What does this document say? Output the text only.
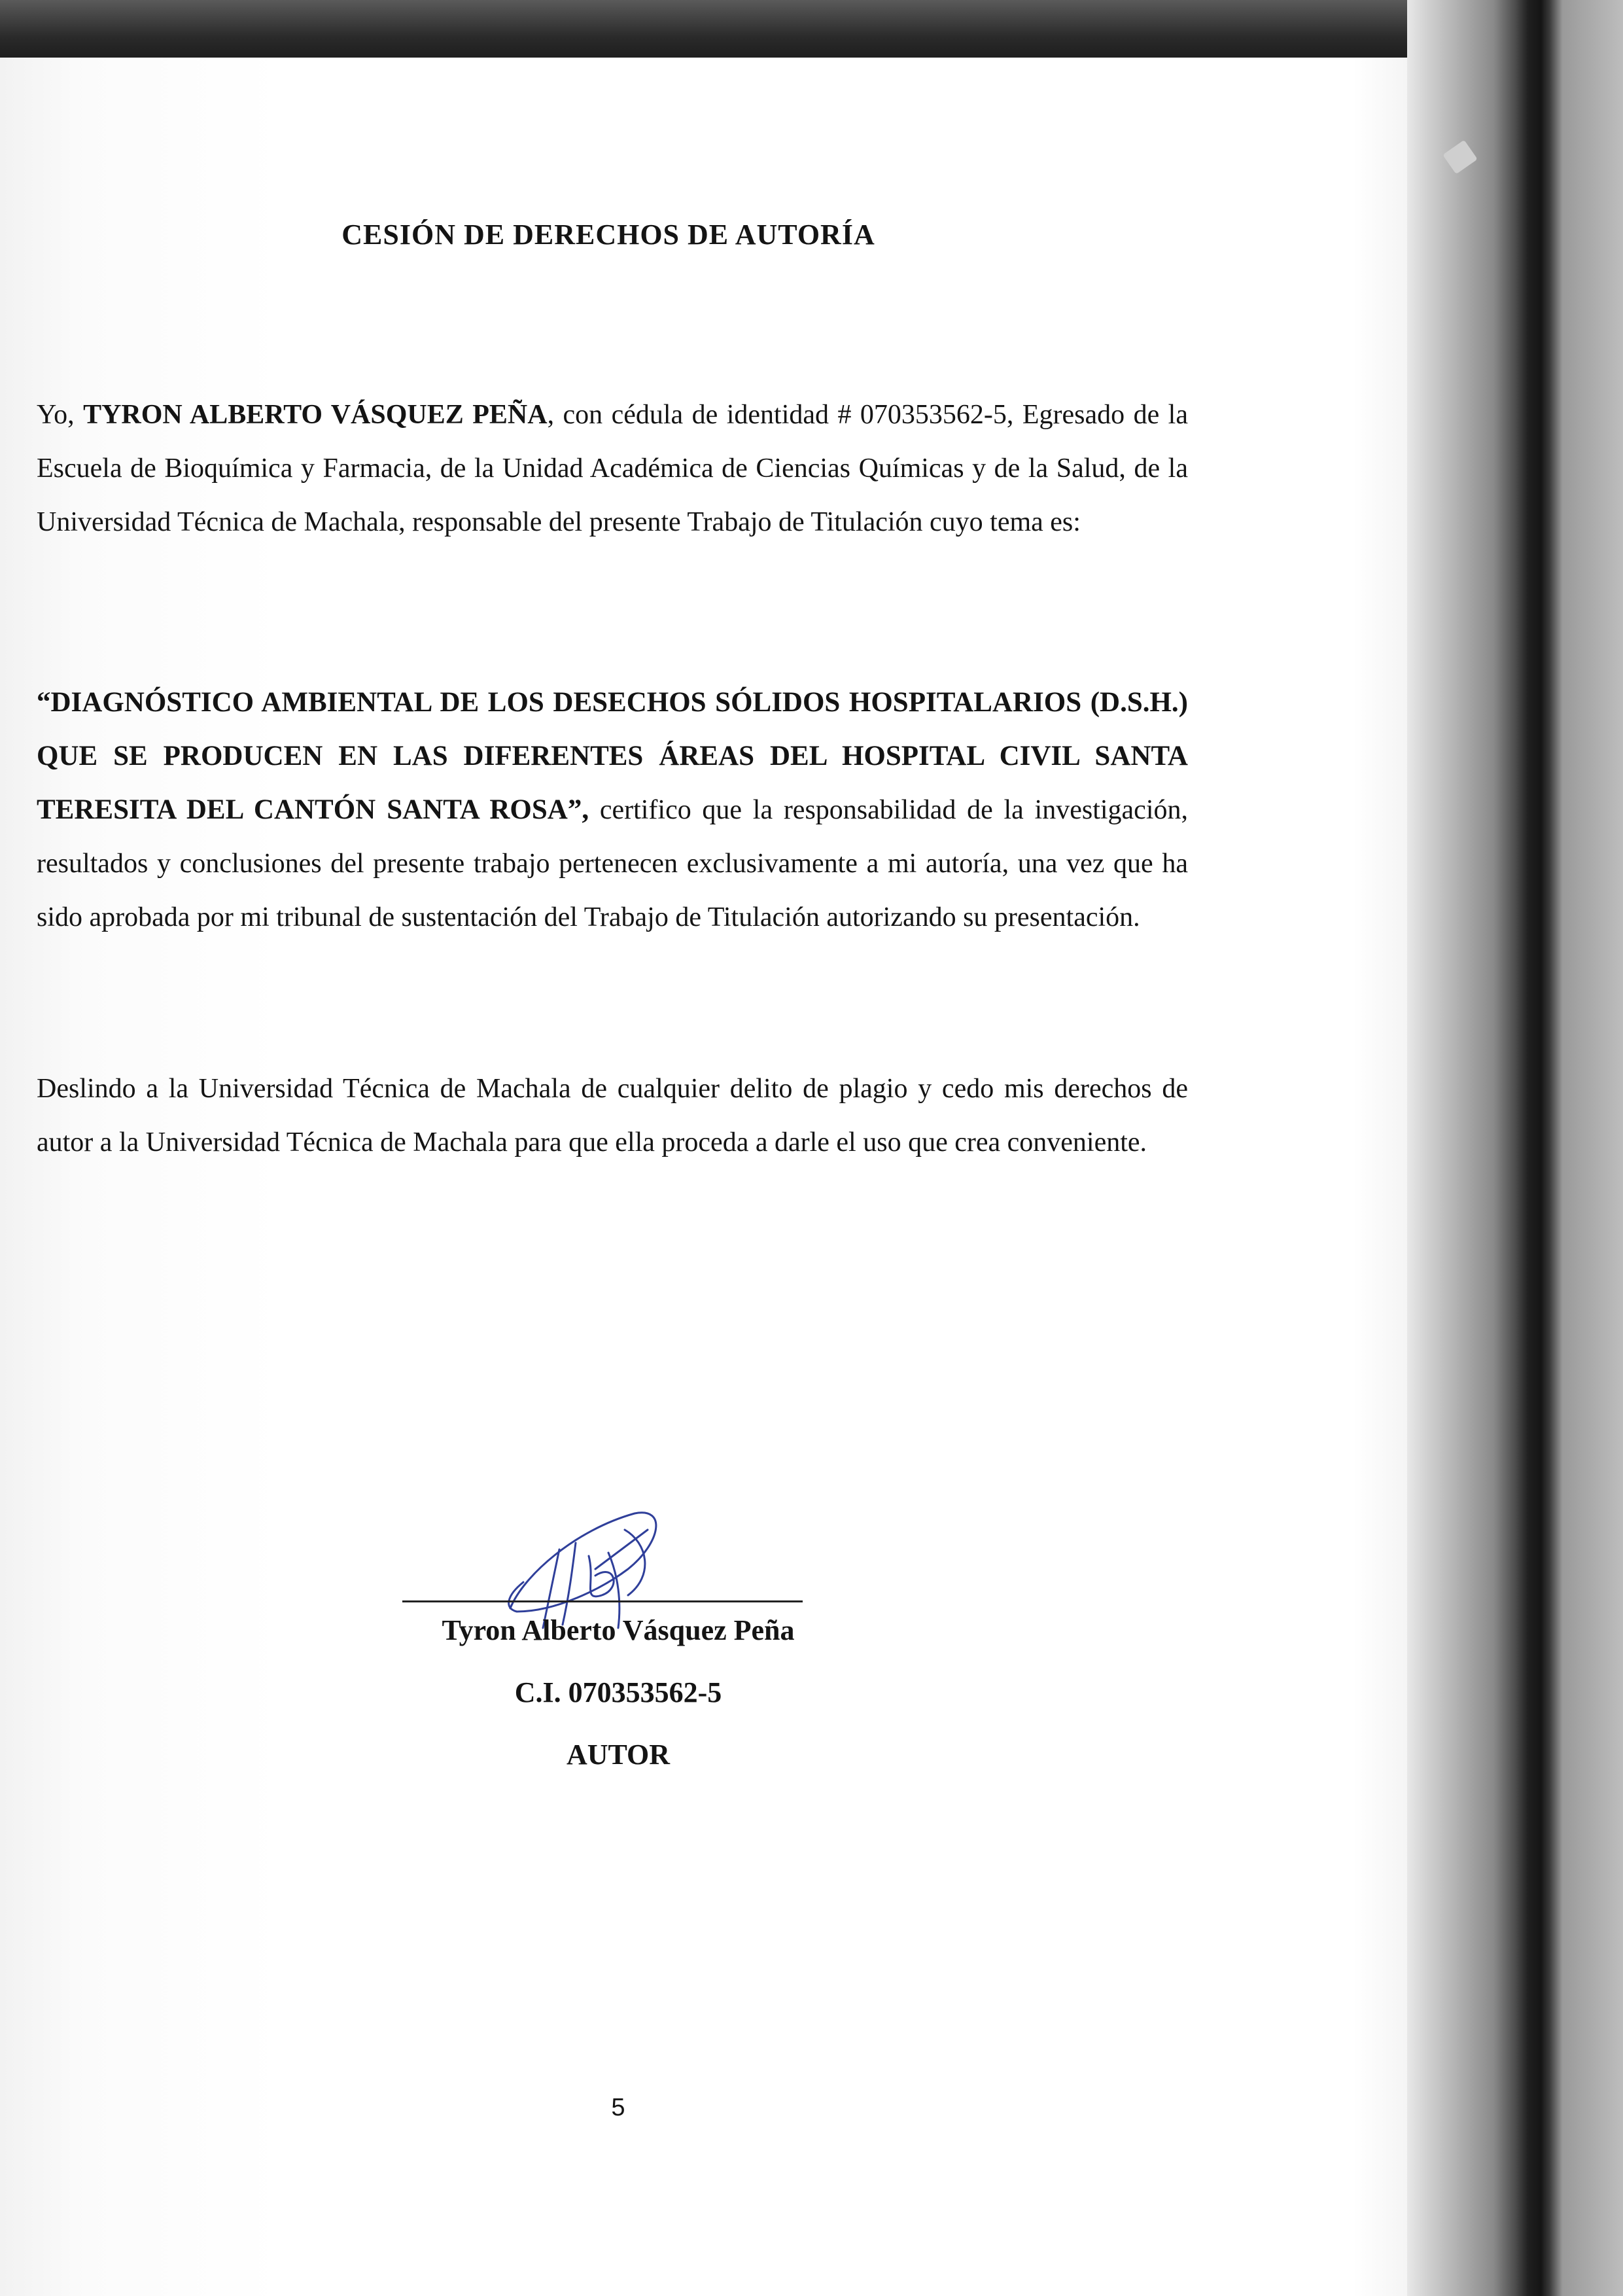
CESIÓN DE DERECHOS DE AUTORÍA
Yo, TYRON ALBERTO VÁSQUEZ PEÑA, con cédula de identidad # 070353562-5, Egresado de la Escuela de Bioquímica y Farmacia, de la Unidad Académica de Ciencias Químicas y de la Salud, de la Universidad Técnica de Machala, responsable del presente Trabajo de Titulación cuyo tema es:
“DIAGNÓSTICO AMBIENTAL DE LOS DESECHOS SÓLIDOS HOSPITALARIOS (D.S.H.) QUE SE PRODUCEN EN LAS DIFERENTES ÁREAS DEL HOSPITAL CIVIL SANTA TERESITA DEL CANTÓN SANTA ROSA”, certifico que la responsabilidad de la investigación, resultados y conclusiones del presente trabajo pertenecen exclusivamente a mi autoría, una vez que ha sido aprobada por mi tribunal de sustentación del Trabajo de Titulación autorizando su presentación.
Deslindo a la Universidad Técnica de Machala de cualquier delito de plagio y cedo mis derechos de autor a la Universidad Técnica de Machala para que ella proceda a darle el uso que crea conveniente.
Tyron Alberto Vásquez Peña
C.I. 070353562-5
AUTOR
5
